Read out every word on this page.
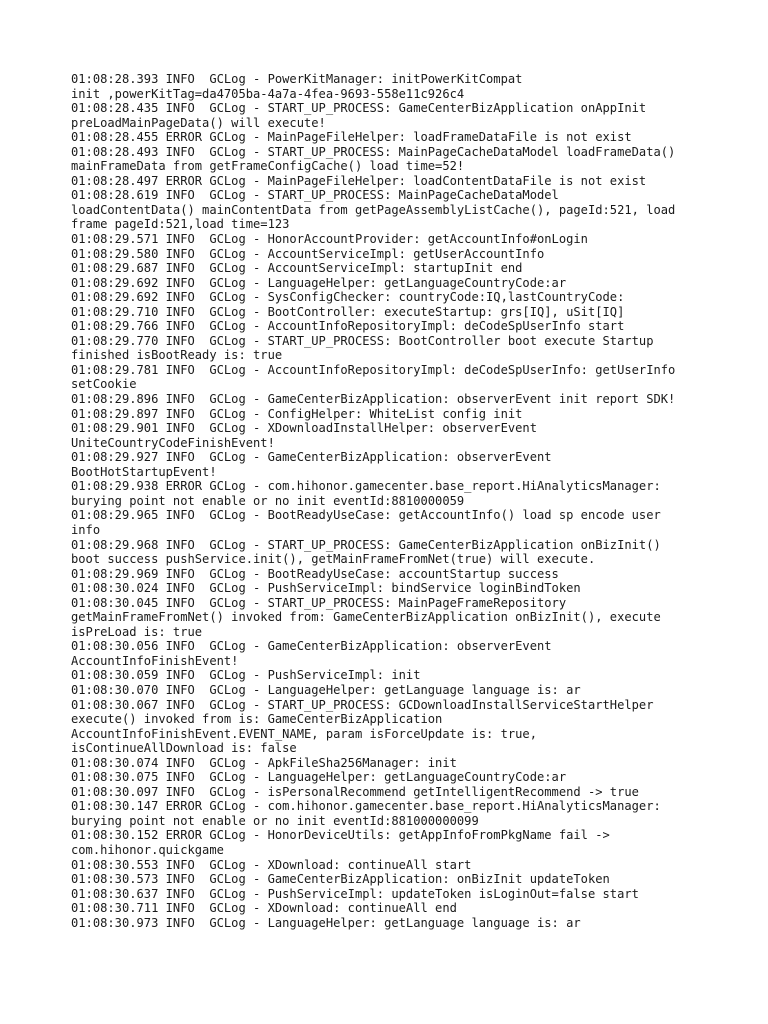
01:08:28.393 INFO  GCLog - PowerKitManager: initPowerKitCompat
init ,powerKitTag=da4705ba-4a7a-4fea-9693-558e11c926c4
01:08:28.435 INFO  GCLog - START_UP_PROCESS: GameCenterBizApplication onAppInit
preLoadMainPageData() will execute!
01:08:28.455 ERROR GCLog - MainPageFileHelper: loadFrameDataFile is not exist
01:08:28.493 INFO  GCLog - START_UP_PROCESS: MainPageCacheDataModel loadFrameData()
mainFrameData from getFrameConfigCache() load time=52!
01:08:28.497 ERROR GCLog - MainPageFileHelper: loadContentDataFile is not exist
01:08:28.619 INFO  GCLog - START_UP_PROCESS: MainPageCacheDataModel
loadContentData() mainContentData from getPageAssemblyListCache(), pageId:521, load
frame pageId:521,load time=123
01:08:29.571 INFO  GCLog - HonorAccountProvider: getAccountInfo#onLogin
01:08:29.580 INFO  GCLog - AccountServiceImpl: getUserAccountInfo
01:08:29.687 INFO  GCLog - AccountServiceImpl: startupInit end
01:08:29.692 INFO  GCLog - LanguageHelper: getLanguageCountryCode:ar
01:08:29.692 INFO  GCLog - SysConfigChecker: countryCode:IQ,lastCountryCode:
01:08:29.710 INFO  GCLog - BootController: executeStartup: grs[IQ], uSit[IQ]
01:08:29.766 INFO  GCLog - AccountInfoRepositoryImpl: deCodeSpUserInfo start
01:08:29.770 INFO  GCLog - START_UP_PROCESS: BootController boot execute Startup
finished isBootReady is: true
01:08:29.781 INFO  GCLog - AccountInfoRepositoryImpl: deCodeSpUserInfo: getUserInfo
setCookie
01:08:29.896 INFO  GCLog - GameCenterBizApplication: observerEvent init report SDK!
01:08:29.897 INFO  GCLog - ConfigHelper: WhiteList config init
01:08:29.901 INFO  GCLog - XDownloadInstallHelper: observerEvent
UniteCountryCodeFinishEvent!
01:08:29.927 INFO  GCLog - GameCenterBizApplication: observerEvent
BootHotStartupEvent!
01:08:29.938 ERROR GCLog - com.hihonor.gamecenter.base_report.HiAnalyticsManager:
burying point not enable or no init eventId:8810000059
01:08:29.965 INFO  GCLog - BootReadyUseCase: getAccountInfo() load sp encode user
info
01:08:29.968 INFO  GCLog - START_UP_PROCESS: GameCenterBizApplication onBizInit()
boot success pushService.init(), getMainFrameFromNet(true) will execute.
01:08:29.969 INFO  GCLog - BootReadyUseCase: accountStartup success
01:08:30.024 INFO  GCLog - PushServiceImpl: bindService loginBindToken
01:08:30.045 INFO  GCLog - START_UP_PROCESS: MainPageFrameRepository
getMainFrameFromNet() invoked from: GameCenterBizApplication onBizInit(), execute
isPreLoad is: true
01:08:30.056 INFO  GCLog - GameCenterBizApplication: observerEvent
AccountInfoFinishEvent!
01:08:30.059 INFO  GCLog - PushServiceImpl: init
01:08:30.070 INFO  GCLog - LanguageHelper: getLanguage language is: ar
01:08:30.067 INFO  GCLog - START_UP_PROCESS: GCDownloadInstallServiceStartHelper
execute() invoked from is: GameCenterBizApplication
AccountInfoFinishEvent.EVENT_NAME, param isForceUpdate is: true,
isContinueAllDownload is: false
01:08:30.074 INFO  GCLog - ApkFileSha256Manager: init
01:08:30.075 INFO  GCLog - LanguageHelper: getLanguageCountryCode:ar
01:08:30.097 INFO  GCLog - isPersonalRecommend getIntelligentRecommend -> true
01:08:30.147 ERROR GCLog - com.hihonor.gamecenter.base_report.HiAnalyticsManager:
burying point not enable or no init eventId:881000000099
01:08:30.152 ERROR GCLog - HonorDeviceUtils: getAppInfoFromPkgName fail ->
com.hihonor.quickgame
01:08:30.553 INFO  GCLog - XDownload: continueAll start
01:08:30.573 INFO  GCLog - GameCenterBizApplication: onBizInit updateToken
01:08:30.637 INFO  GCLog - PushServiceImpl: updateToken isLoginOut=false start
01:08:30.711 INFO  GCLog - XDownload: continueAll end
01:08:30.973 INFO  GCLog - LanguageHelper: getLanguage language is: ar
